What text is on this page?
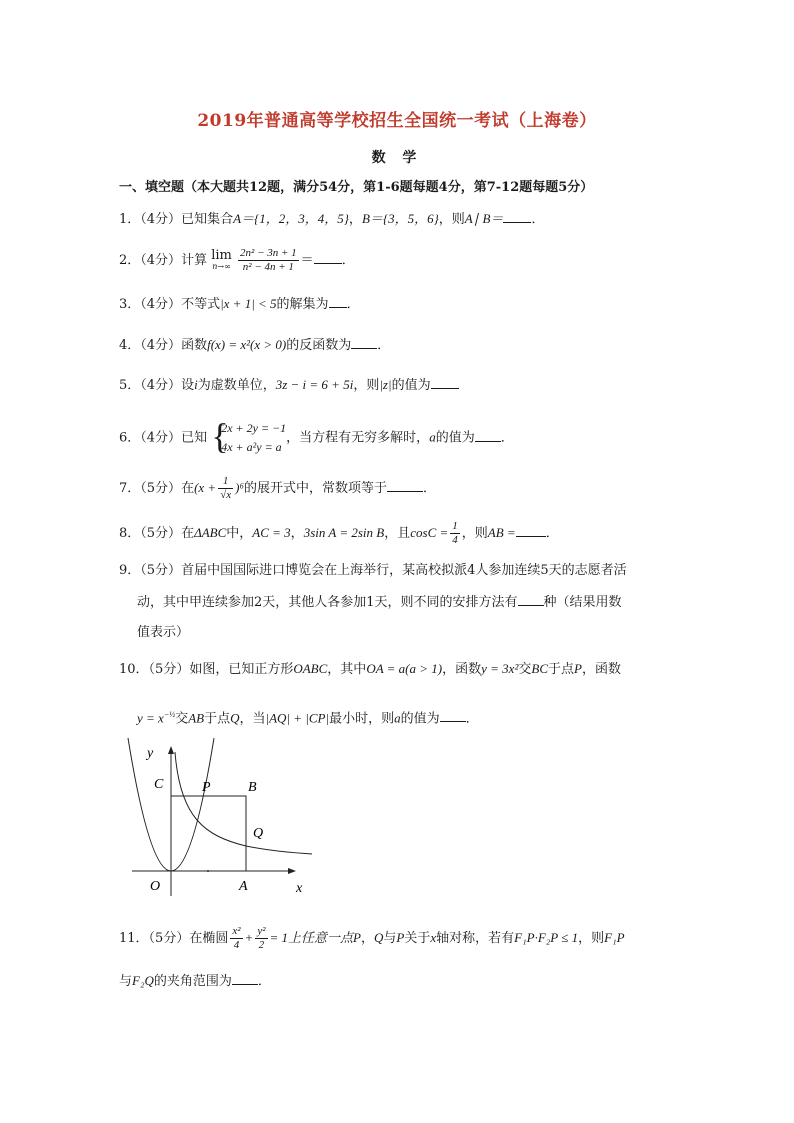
2019年普通高等学校招生全国统一考试（上海卷）
数 学
一、填空题（本大题共12题，满分54分，第1-6题每题4分，第7-12题每题5分）
1．（4分）已知集合A＝{1，2，3，4，5}，B＝{3，5，6}，则A∣ B＝ ．
2．（4分）计算 lim
n→∞
$\frac{\text{2n² − 3n + 1}}{\text{n² − 4n + 1}}$ ＝ ．
3．（4分）不等式|x + 1| < 5的解集为 ．
4．（4分）函数f(x) = x²(x > 0)的反函数为 ．
5．（4分）设i为虚数单位，3z − i = 6 + 5i，则|z|的值为
6．（4分）已知 {
2x + 2y = −1
4x + a²y = a
，当方程有无穷多解时，a的值为 ．
7．（5分）在$(x + \frac{1}{√x} )^6$的展开式中，常数项等于	．
8．（5分）在ΔABC中，AC = 3，3sin A = 2sin B，且$\cos C = \frac{1}{4}$ ，则AB = ．
9．（5分）首届中国国际进口博览会在上海举行，某高校拟派4人参加连续5天的志愿者活
动，其中甲连续参加2天，其他人各参加1天，则不同的安排方法有 种（结果用数
值表示）
10．（5分）如图，已知正方形OABC，其中OA = a(a > 1)，函数y = 3x²交BC于点P，函数
$y = x^{-\frac{1}{2}}$交AB于点Q，当|AQ| + |CP|最小时，则a的值为 ．
y
x
O	A
B
C	P
Q
11．（5分）在椭圆 $\frac{\text{x²}}{4} + \frac{\text{y²}}{2} = 1$上任意一点P，Q与P关于x轴对称，若有F₁P·F₂P ≤ 1，则F₁P
与F₂Q的夹角范围为 ．
